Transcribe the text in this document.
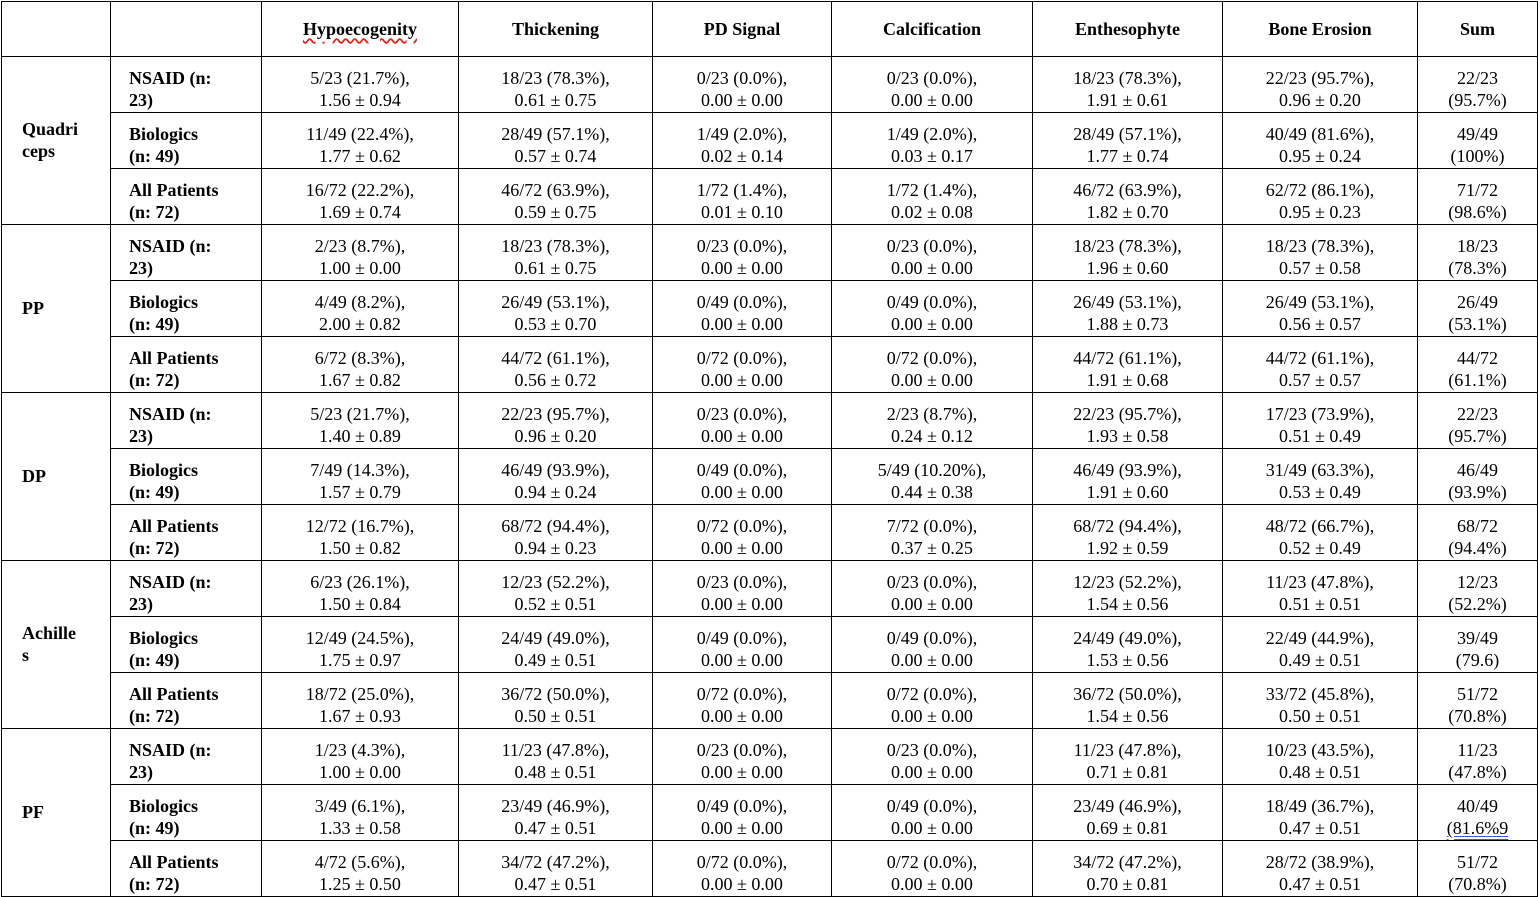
		Hypoecogenity	Thickening	PD Signal	Calcification	Enthesophyte	Bone Erosion	Sum

Quadri
ceps	NSAID (n:
23)	5/23 (21.7%),
1.56 ± 0.94	18/23 (78.3%),
0.61 ± 0.75	0/23 (0.0%),
0.00 ± 0.00	0/23 (0.0%),
0.00 ± 0.00	18/23 (78.3%),
1.91 ± 0.61	22/23 (95.7%),
0.96 ± 0.20	22/23
(95.7%)

	Biologics
(n: 49)	11/49 (22.4%),
1.77 ± 0.62	28/49 (57.1%),
0.57 ± 0.74	1/49 (2.0%),
0.02 ± 0.14	1/49 (2.0%),
0.03 ± 0.17	28/49 (57.1%),
1.77 ± 0.74	40/49 (81.6%),
0.95 ± 0.24	49/49
(100%)

	All Patients
(n: 72)	16/72 (22.2%),
1.69 ± 0.74	46/72 (63.9%),
0.59 ± 0.75	1/72 (1.4%),
0.01 ± 0.10	1/72 (1.4%),
0.02 ± 0.08	46/72 (63.9%),
1.82 ± 0.70	62/72 (86.1%),
0.95 ± 0.23	71/72
(98.6%)

PP	NSAID (n:
23)	2/23 (8.7%),
1.00 ± 0.00	18/23 (78.3%),
0.61 ± 0.75	0/23 (0.0%),
0.00 ± 0.00	0/23 (0.0%),
0.00 ± 0.00	18/23 (78.3%),
1.96 ± 0.60	18/23 (78.3%),
0.57 ± 0.58	18/23
(78.3%)

	Biologics
(n: 49)	4/49 (8.2%),
2.00 ± 0.82	26/49 (53.1%),
0.53 ± 0.70	0/49 (0.0%),
0.00 ± 0.00	0/49 (0.0%),
0.00 ± 0.00	26/49 (53.1%),
1.88 ± 0.73	26/49 (53.1%),
0.56 ± 0.57	26/49
(53.1%)

	All Patients
(n: 72)	6/72 (8.3%),
1.67 ± 0.82	44/72 (61.1%),
0.56 ± 0.72	0/72 (0.0%),
0.00 ± 0.00	0/72 (0.0%),
0.00 ± 0.00	44/72 (61.1%),
1.91 ± 0.68	44/72 (61.1%),
0.57 ± 0.57	44/72
(61.1%)

DP	NSAID (n:
23)	5/23 (21.7%),
1.40 ± 0.89	22/23 (95.7%),
0.96 ± 0.20	0/23 (0.0%),
0.00 ± 0.00	2/23 (8.7%),
0.24 ± 0.12	22/23 (95.7%),
1.93 ± 0.58	17/23 (73.9%),
0.51 ± 0.49	22/23
(95.7%)

	Biologics
(n: 49)	7/49 (14.3%),
1.57 ± 0.79	46/49 (93.9%),
0.94 ± 0.24	0/49 (0.0%),
0.00 ± 0.00	5/49 (10.20%),
0.44 ± 0.38	46/49 (93.9%),
1.91 ± 0.60	31/49 (63.3%),
0.53 ± 0.49	46/49
(93.9%)

	All Patients
(n: 72)	12/72 (16.7%),
1.50 ± 0.82	68/72 (94.4%),
0.94 ± 0.23	0/72 (0.0%),
0.00 ± 0.00	7/72 (0.0%),
0.37 ± 0.25	68/72 (94.4%),
1.92 ± 0.59	48/72 (66.7%),
0.52 ± 0.49	68/72
(94.4%)

Achille
s	NSAID (n:
23)	6/23 (26.1%),
1.50 ± 0.84	12/23 (52.2%),
0.52 ± 0.51	0/23 (0.0%),
0.00 ± 0.00	0/23 (0.0%),
0.00 ± 0.00	12/23 (52.2%),
1.54 ± 0.56	11/23 (47.8%),
0.51 ± 0.51	12/23
(52.2%)

	Biologics
(n: 49)	12/49 (24.5%),
1.75 ± 0.97	24/49 (49.0%),
0.49 ± 0.51	0/49 (0.0%),
0.00 ± 0.00	0/49 (0.0%),
0.00 ± 0.00	24/49 (49.0%),
1.53 ± 0.56	22/49 (44.9%),
0.49 ± 0.51	39/49
(79.6)

	All Patients
(n: 72)	18/72 (25.0%),
1.67 ± 0.93	36/72 (50.0%),
0.50 ± 0.51	0/72 (0.0%),
0.00 ± 0.00	0/72 (0.0%),
0.00 ± 0.00	36/72 (50.0%),
1.54 ± 0.56	33/72 (45.8%),
0.50 ± 0.51	51/72
(70.8%)

PF	NSAID (n:
23)	1/23 (4.3%),
1.00 ± 0.00	11/23 (47.8%),
0.48 ± 0.51	0/23 (0.0%),
0.00 ± 0.00	0/23 (0.0%),
0.00 ± 0.00	11/23 (47.8%),
0.71 ± 0.81	10/23 (43.5%),
0.48 ± 0.51	11/23
(47.8%)

	Biologics
(n: 49)	3/49 (6.1%),
1.33 ± 0.58	23/49 (46.9%),
0.47 ± 0.51	0/49 (0.0%),
0.00 ± 0.00	0/49 (0.0%),
0.00 ± 0.00	23/49 (46.9%),
0.69 ± 0.81	18/49 (36.7%),
0.47 ± 0.51	40/49
(81.6%9

	All Patients
(n: 72)	4/72 (5.6%),
1.25 ± 0.50	34/72 (47.2%),
0.47 ± 0.51	0/72 (0.0%),
0.00 ± 0.00	0/72 (0.0%),
0.00 ± 0.00	34/72 (47.2%),
0.70 ± 0.81	28/72 (38.9%),
0.47 ± 0.51	51/72
(70.8%)
